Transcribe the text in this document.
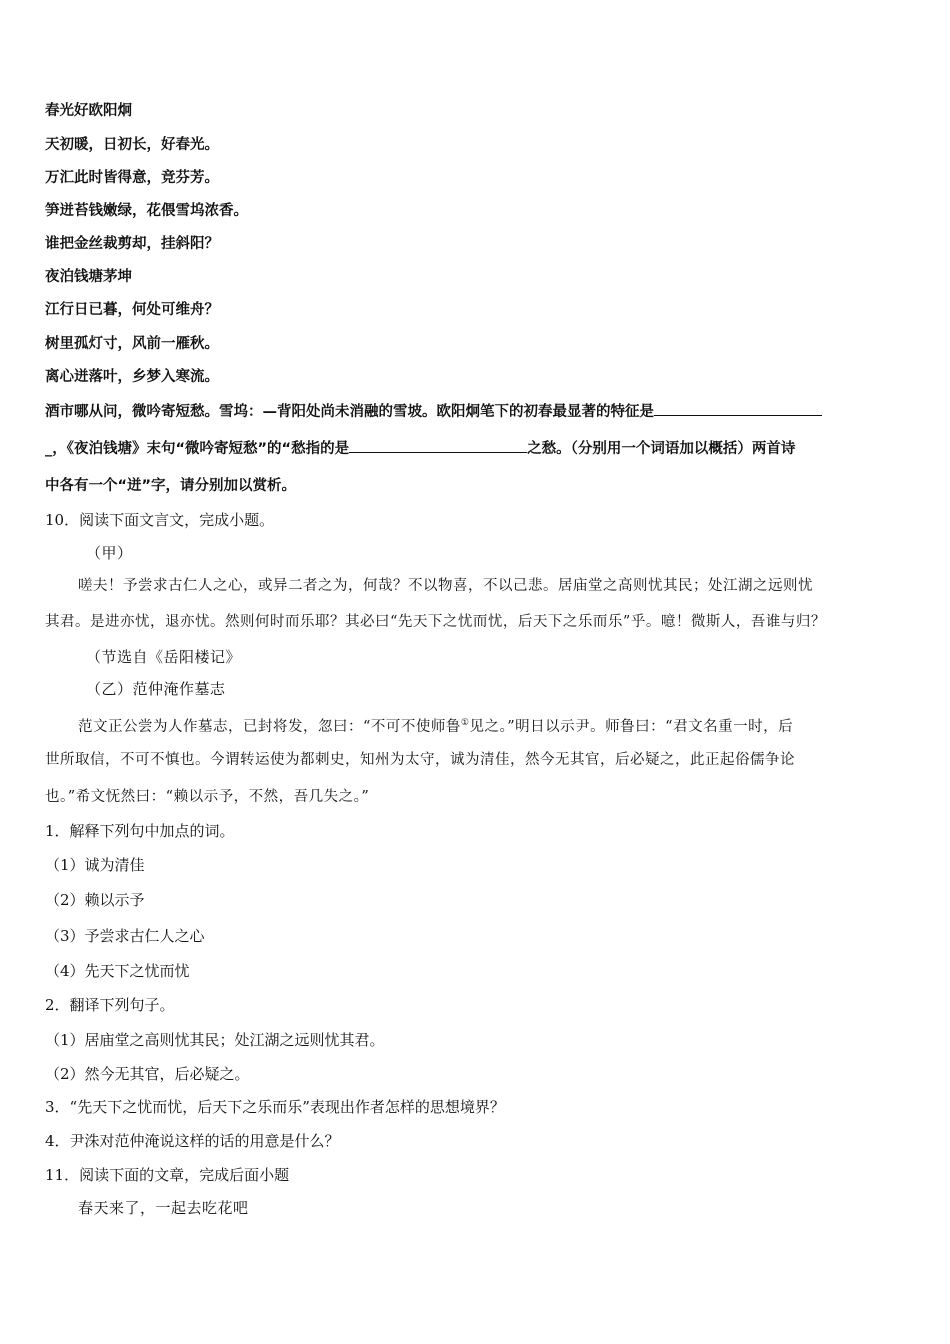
春光好欧阳炯
天初暖，日初长，好春光。
万汇此时皆得意，竞芬芳。
笋迸苔钱嫩绿，花偎雪坞浓香。
谁把金丝裁剪却，挂斜阳？
夜泊钱塘茅坤
江行日已暮，何处可维舟？
树里孤灯寸，风前一雁秋。
离心迸落叶，乡梦入寒流。
酒市哪从问，微吟寄短愁。雪坞：—背阳处尚未消融的雪坡。欧阳炯笔下的初春最显著的特征是
_，《夜泊钱塘》末句“微吟寄短愁”的“愁指的是	之愁。（分别用一个词语加以概括）两首诗
中各有一个“迸”字，请分别加以赏析。
10．阅读下面文言文，完成小题。
（甲）
嗟夫！予尝求古仁人之心，或异二者之为，何哉？不以物喜，不以己悲。居庙堂之高则忧其民；处江湖之远则忧
其君。是进亦忧，退亦忧。然则何时而乐耶？其必曰“先天下之忧而忧，后天下之乐而乐”乎。噫！微斯人，吾谁与归？
（节选自《岳阳楼记》
（乙）范仲淹作墓志
范文正公尝为人作墓志，已封将发，忽曰：“不可不使师鲁①见之。”明日以示尹。师鲁曰：“君文名重一时，后
世所取信，不可不慎也。今谓转运使为都刺史，知州为太守，诚为清佳，然今无其官，后必疑之，此正起俗儒争论
也。”希文怃然曰：“赖以示予，不然，吾几失之。”
1．解释下列句中加点的词。
（1）诚为清佳
（2）赖以示予
（3）予尝求古仁人之心
（4）先天下之忧而忧
2．翻译下列句子。
（1）居庙堂之高则忧其民；处江湖之远则忧其君。
（2）然今无其官，后必疑之。
3．“先天下之忧而忧，后天下之乐而乐”表现出作者怎样的思想境界？
4．尹洙对范仲淹说这样的话的用意是什么？
11．阅读下面的文章，完成后面小题
春天来了，一起去吃花吧
